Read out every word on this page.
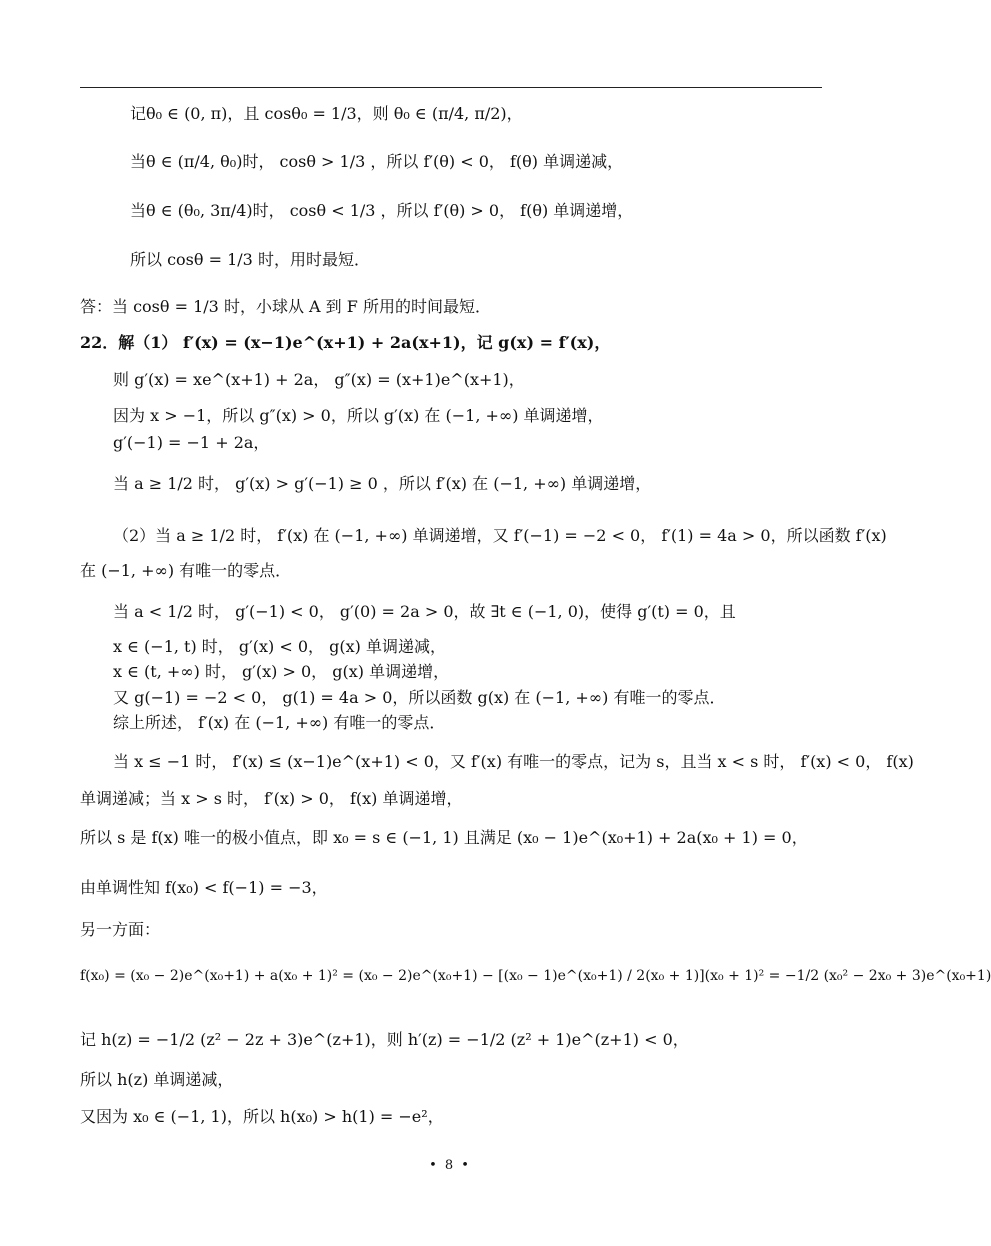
记θ₀ ∈ (0, π)，且 cosθ₀ = 1/3，则 θ₀ ∈ (π/4, π/2)，
当θ ∈ (π/4, θ₀)时， cosθ > 1/3 ，所以 f′(θ) < 0， f(θ) 单调递减，
当θ ∈ (θ₀, 3π/4)时， cosθ < 1/3 ，所以 f′(θ) > 0， f(θ) 单调递增，
所以 cosθ = 1/3 时，用时最短．
答：当 cosθ = 1/3 时，小球从 A 到 F 所用的时间最短．
22．解（1） f′(x) = (x−1)e^(x+1) + 2a(x+1)，记 g(x) = f′(x)，
则 g′(x) = xe^(x+1) + 2a， g″(x) = (x+1)e^(x+1)，
因为 x > −1，所以 g″(x) > 0，所以 g′(x) 在 (−1, +∞) 单调递增，
g′(−1) = −1 + 2a，
当 a ≥ 1/2 时， g′(x) > g′(−1) ≥ 0 ，所以 f′(x) 在 (−1, +∞) 单调递增，
（2）当 a ≥ 1/2 时， f′(x) 在 (−1, +∞) 单调递增，又 f′(−1) = −2 < 0， f′(1) = 4a > 0，所以函数 f′(x)
在 (−1, +∞) 有唯一的零点．
当 a < 1/2 时， g′(−1) < 0， g′(0) = 2a > 0，故 ∃t ∈ (−1, 0)，使得 g′(t) = 0，且
x ∈ (−1, t) 时， g′(x) < 0， g(x) 单调递减，
x ∈ (t, +∞) 时， g′(x) > 0， g(x) 单调递增，
又 g(−1) = −2 < 0， g(1) = 4a > 0，所以函数 g(x) 在 (−1, +∞) 有唯一的零点．
综上所述， f′(x) 在 (−1, +∞) 有唯一的零点．
当 x ≤ −1 时， f′(x) ≤ (x−1)e^(x+1) < 0，又 f′(x) 有唯一的零点，记为 s，且当 x < s 时， f′(x) < 0， f(x)
单调递减；当 x > s 时， f′(x) > 0， f(x) 单调递增，
所以 s 是 f(x) 唯一的极小值点，即 x₀ = s ∈ (−1, 1) 且满足 (x₀ − 1)e^(x₀+1) + 2a(x₀ + 1) = 0，
由单调性知 f(x₀) < f(−1) = −3，
另一方面：
f(x₀) = (x₀ − 2)e^(x₀+1) + a(x₀ + 1)² = (x₀ − 2)e^(x₀+1) − [(x₀ − 1)e^(x₀+1) / 2(x₀ + 1)](x₀ + 1)² = −1/2 (x₀² − 2x₀ + 3)e^(x₀+1)
记 h(z) = −1/2 (z² − 2z + 3)e^(z+1)，则 h′(z) = −1/2 (z² + 1)e^(z+1) < 0，
所以 h(z) 单调递减，
又因为 x₀ ∈ (−1, 1)，所以 h(x₀) > h(1) = −e²，
• 8 •
